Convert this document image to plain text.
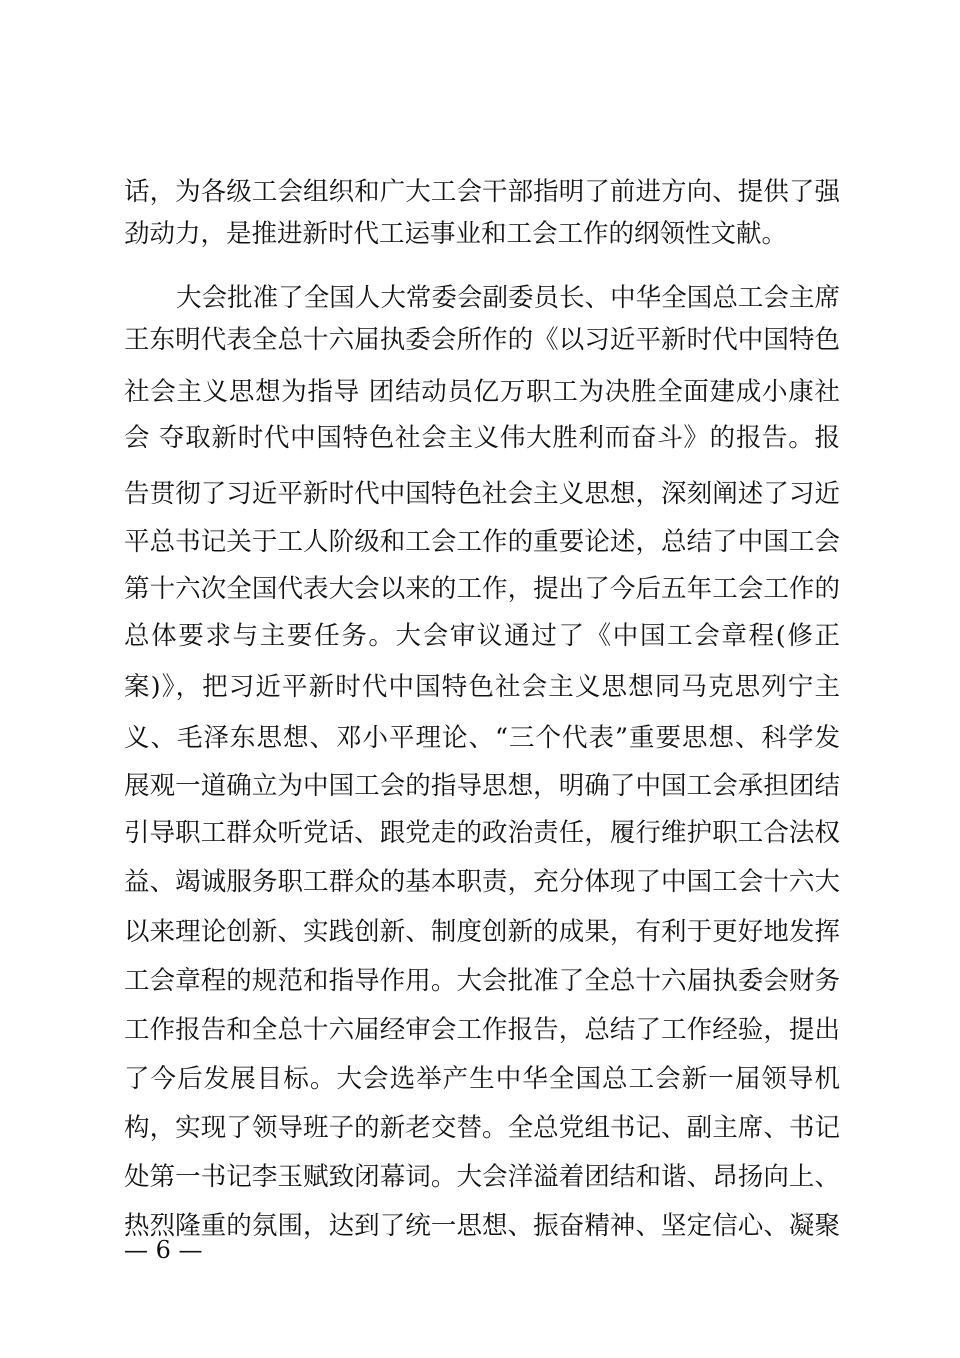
话，为各级工会组织和广大工会干部指明了前进方向、提供了强
劲动力，是推进新时代工运事业和工会工作的纲领性文献。
大会批准了全国人大常委会副委员长、中华全国总工会主席
王东明代表全总十六届执委会所作的《以习近平新时代中国特色
社会主义思想为指导 团结动员亿万职工为决胜全面建成小康社
会 夺取新时代中国特色社会主义伟大胜利而奋斗》的报告。报
告贯彻了习近平新时代中国特色社会主义思想，深刻阐述了习近
平总书记关于工人阶级和工会工作的重要论述，总结了中国工会
第十六次全国代表大会以来的工作，提出了今后五年工会工作的
总体要求与主要任务。大会审议通过了《中国工会章程(修正
案)》，把习近平新时代中国特色社会主义思想同马克思列宁主
义、毛泽东思想、邓小平理论、“三个代表”重要思想、科学发
展观一道确立为中国工会的指导思想，明确了中国工会承担团结
引导职工群众听党话、跟党走的政治责任，履行维护职工合法权
益、竭诚服务职工群众的基本职责，充分体现了中国工会十六大
以来理论创新、实践创新、制度创新的成果，有利于更好地发挥
工会章程的规范和指导作用。大会批准了全总十六届执委会财务
工作报告和全总十六届经审会工作报告，总结了工作经验，提出
了今后发展目标。大会选举产生中华全国总工会新一届领导机
构，实现了领导班子的新老交替。全总党组书记、副主席、书记
处第一书记李玉赋致闭幕词。大会洋溢着团结和谐、昂扬向上、
热烈隆重的氛围，达到了统一思想、振奋精神、坚定信心、凝聚
— 6 —
